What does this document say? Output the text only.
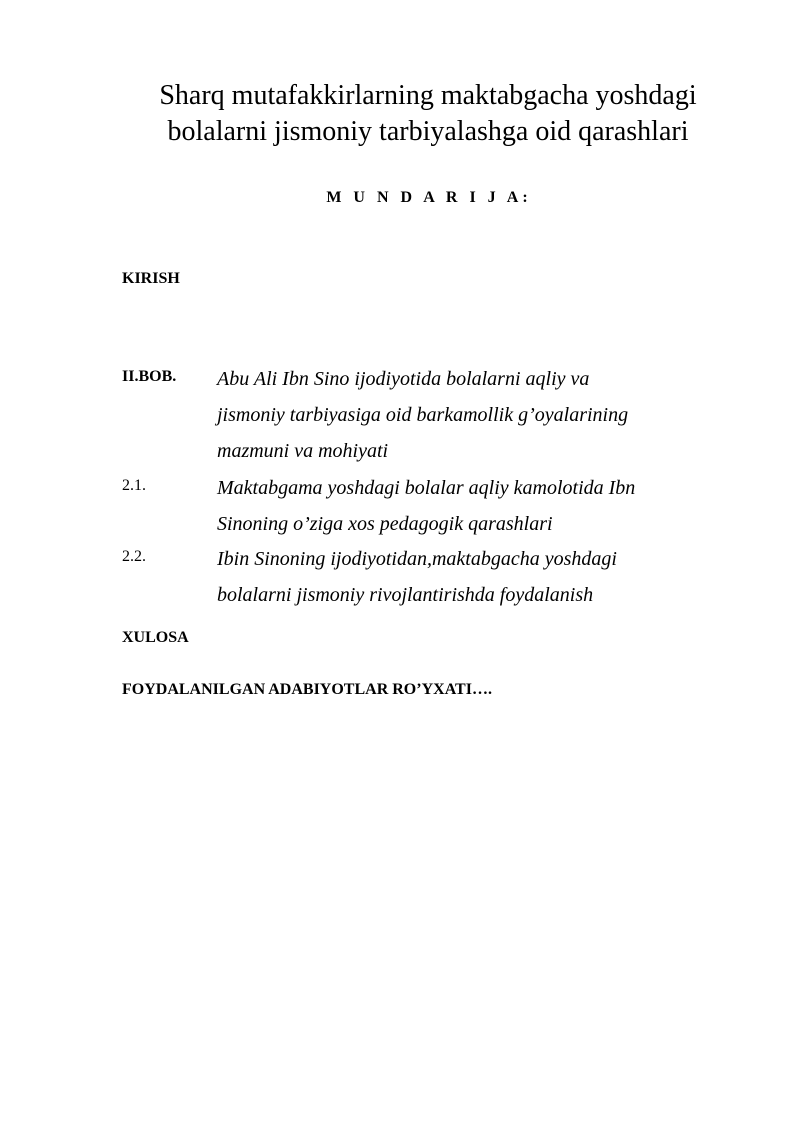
Sharq mutafakkirlarning maktabgacha yoshdagi
bolalarni jismoniy tarbiyalashga oid qarashlari

M U N D A R I J A:

KIRISH

II.BOB. Abu Ali Ibn Sino ijodiyotida bolalarni aqliy va
jismoniy tarbiyasiga oid barkamollik g’oyalarining
mazmuni va mohiyati

2.1.	Maktabgama yoshdagi bolalar aqliy kamolotida Ibn
Sinoning o’ziga xos pedagogik qarashlari

2.2.	Ibin Sinoning ijodiyotidan,maktabgacha yoshdagi
bolalarni jismoniy rivojlantirishda foydalanish

XULOSA

FOYDALANILGAN ADABIYOTLAR RO’YXATI….
